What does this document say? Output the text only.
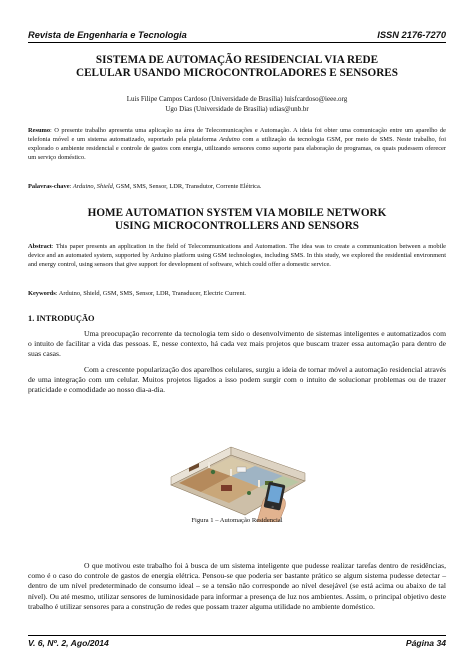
Revista de Engenharia e Tecnologia	ISSN 2176-7270
SISTEMA DE AUTOMAÇÃO RESIDENCIAL VIA REDE
CELULAR USANDO MICROCONTROLADORES E SENSORES
Luis Filipe Campos Cardoso (Universidade de Brasília) luisfcardoso@ieee.org
Ugo Dias (Universidade de Brasília) udias@unb.br
Resumo: O presente trabalho apresenta uma aplicação na área de Telecomunicações e Automação. A ideia foi obter uma comunicação entre um aparelho de telefonia móvel e um sistema automatizado, suportado pela plataforma Arduino com a utilização da tecnologia GSM, por meio de SMS. Neste trabalho, foi explorado o ambiente residencial e controle de gastos com energia, utilizando sensores como suporte para elaboração de programas, os quais pudessem oferecer um serviço doméstico.
Palavras-chave: Arduino, Shield, GSM, SMS, Sensor, LDR, Transdutor, Corrente Elétrica.
HOME AUTOMATION SYSTEM VIA MOBILE NETWORK
USING MICROCONTROLLERS AND SENSORS
Abstract: This paper presents an application in the field of Telecommunications and Automation. The idea was to create a communication between a mobile device and an automated system, supported by Arduino platform using GSM technologies, including SMS. In this study, we explored the residential environment and energy control, using sensors that give support for development of software, which could offer a domestic service.
Keywords: Arduino, Shield, GSM, SMS, Sensor, LDR, Transducer, Electric Current.
1. INTRODUÇÃO

Uma preocupação recorrente da tecnologia tem sido o desenvolvimento de sistemas inteligentes e automatizados com o intuito de facilitar a vida das pessoas. E, nesse contexto, há cada vez mais projetos que buscam trazer essa automação para dentro de suas casas.

Com a crescente popularização dos aparelhos celulares, surgiu a ideia de tornar móvel a automação residencial através de uma integração com um celular. Muitos projetos ligados a isso podem surgir com o intuito de solucionar problemas ou de trazer praticidade e comodidade ao nosso dia-a-dia.

Figura 1 – Automação Residencial

O que motivou este trabalho foi à busca de um sistema inteligente que pudesse realizar tarefas dentro de residências, como é o caso do controle de gastos de energia elétrica. Pensou-se que poderia ser bastante prático se algum sistema pudesse detectar – dentro de um nível predeterminado de consumo ideal – se a tensão não corresponde ao nível desejável (se está acima ou abaixo de tal nível). Ou até mesmo, utilizar sensores de luminosidade para informar a presença de luz nos ambientes. Assim, o principal objetivo deste trabalho é utilizar sensores para a construção de redes que possam trazer alguma utilidade no ambiente doméstico.

V. 6, Nº. 2, Ago/2014	Página 34
